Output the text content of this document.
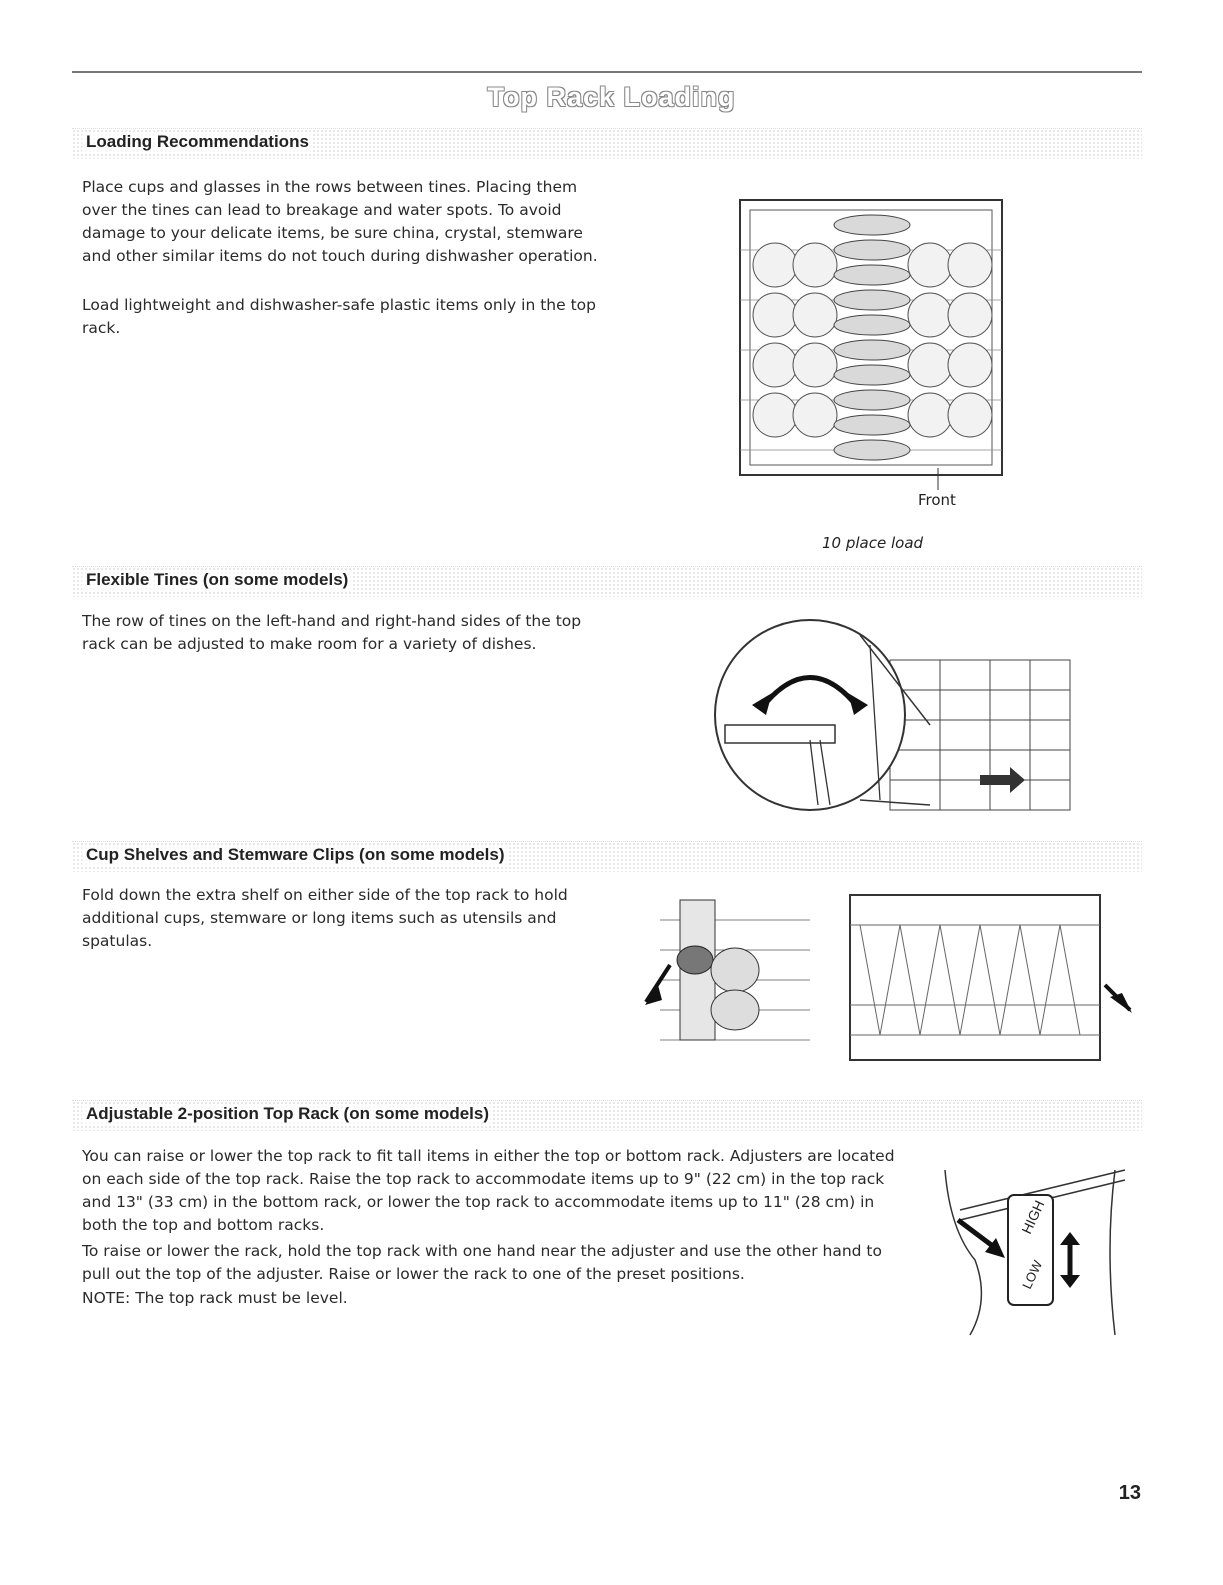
Top Rack Loading
Loading Recommendations

Place cups and glasses in the rows between tines. Placing them over the tines can lead to breakage and water spots. To avoid damage to your delicate items, be sure china, crystal, stemware and other similar items do not touch during dishwasher operation.

Load lightweight and dishwasher-safe plastic items only in the top rack.

Front
10 place load
Flexible Tines (on some models)

The row of tines on the left-hand and right-hand sides of the top rack can be adjusted to make room for a variety of dishes.

Cup Shelves and Stemware Clips (on some models)

Fold down the extra shelf on either side of the top rack to hold additional cups, stemware or long items such as utensils and spatulas.

Adjustable 2-position Top Rack (on some models)

You can raise or lower the top rack to fit tall items in either the top or bottom rack. Adjusters are located on each side of the top rack. Raise the top rack to accommodate items up to 9" (22 cm) in the top rack and 13" (33 cm) in the bottom rack, or lower the top rack to accommodate items up to 11" (28 cm) in both the top and bottom racks.

To raise or lower the rack, hold the top rack with one hand near the adjuster and use the other hand to pull out the top of the adjuster. Raise or lower the rack to one of the preset positions.

NOTE: The top rack must be level.

HIGH
LOW
13
